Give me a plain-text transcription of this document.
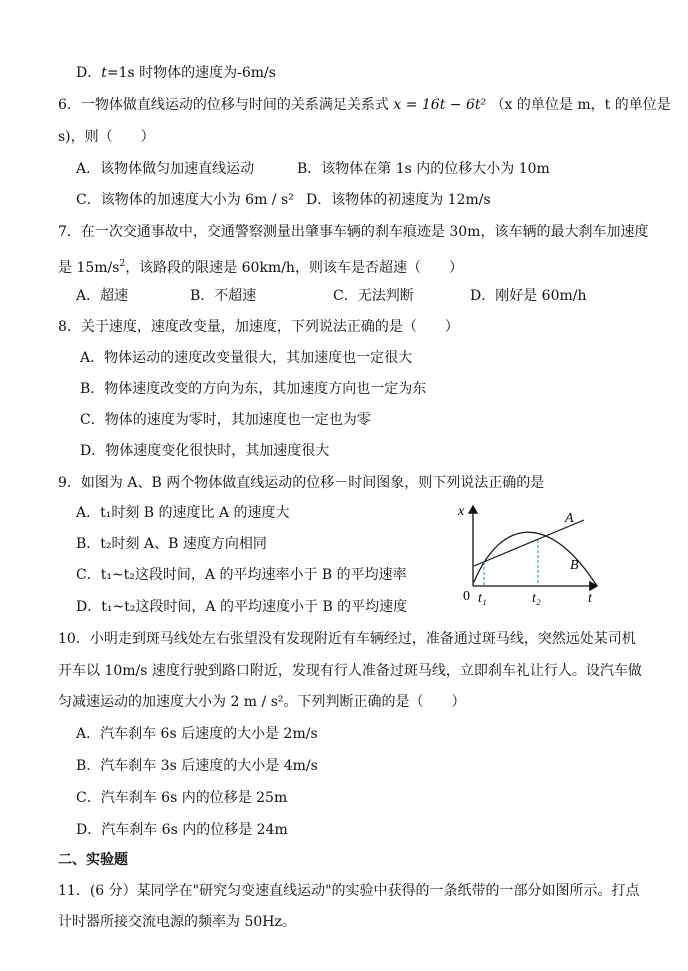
D．t=1s 时物体的速度为-6m/s
6．一物体做直线运动的位移与时间的关系满足关系式 x = 16t − 6t² （x 的单位是 m，t 的单位是
s)，则（　　）
A．该物体做匀加速直线运动	B．该物体在第 1s 内的位移大小为 10m
C．该物体的加速度大小为 6m / s² D．该物体的初速度为 12m/s
7．在一次交通事故中，交通警察测量出肇事车辆的刹车痕迹是 30m，该车辆的最大刹车加速度
是 $15m/s^2$，该路段的限速是 60km/h，则该车是否超速（　　）
A．超速	B．不超速	C．无法判断	D．刚好是 60m/h
8．关于速度，速度改变量，加速度，下列说法正确的是（　　）
A．物体运动的速度改变量很大，其加速度也一定很大
B．物体速度改变的方向为东，其加速度方向也一定为东
C．物体的速度为零时，其加速度也一定也为零
D．物体速度变化很快时，其加速度很大
9．如图为 A、B 两个物体做直线运动的位移－时间图象，则下列说法正确的是
A．t₁时刻 B 的速度比 A 的速度大
B．t₂时刻 A、B 速度方向相同
C．t₁~t₂这段时间，A 的平均速率小于 B 的平均速率
D．t₁~t₂这段时间，A 的平均速度小于 B 的平均速度
x
0 t₁	t₂	t
A
B
10．小明走到斑马线处左右张望没有发现附近有车辆经过，准备通过斑马线，突然远处某司机
开车以 10m/s 速度行驶到路口附近，发现有行人准备过斑马线，立即刹车礼让行人。设汽车做
匀减速运动的加速度大小为 2 m / s²。下列判断正确的是（　　）
A．汽车刹车 6s 后速度的大小是 2m/s
B．汽车刹车 3s 后速度的大小是 4m/s
C．汽车刹车 6s 内的位移是 25m
D．汽车刹车 6s 内的位移是 24m
二、实验题
11．(6 分）某同学在"研究匀变速直线运动"的实验中获得的一条纸带的一部分如图所示。打点
计时器所接交流电源的频率为 50Hz。
